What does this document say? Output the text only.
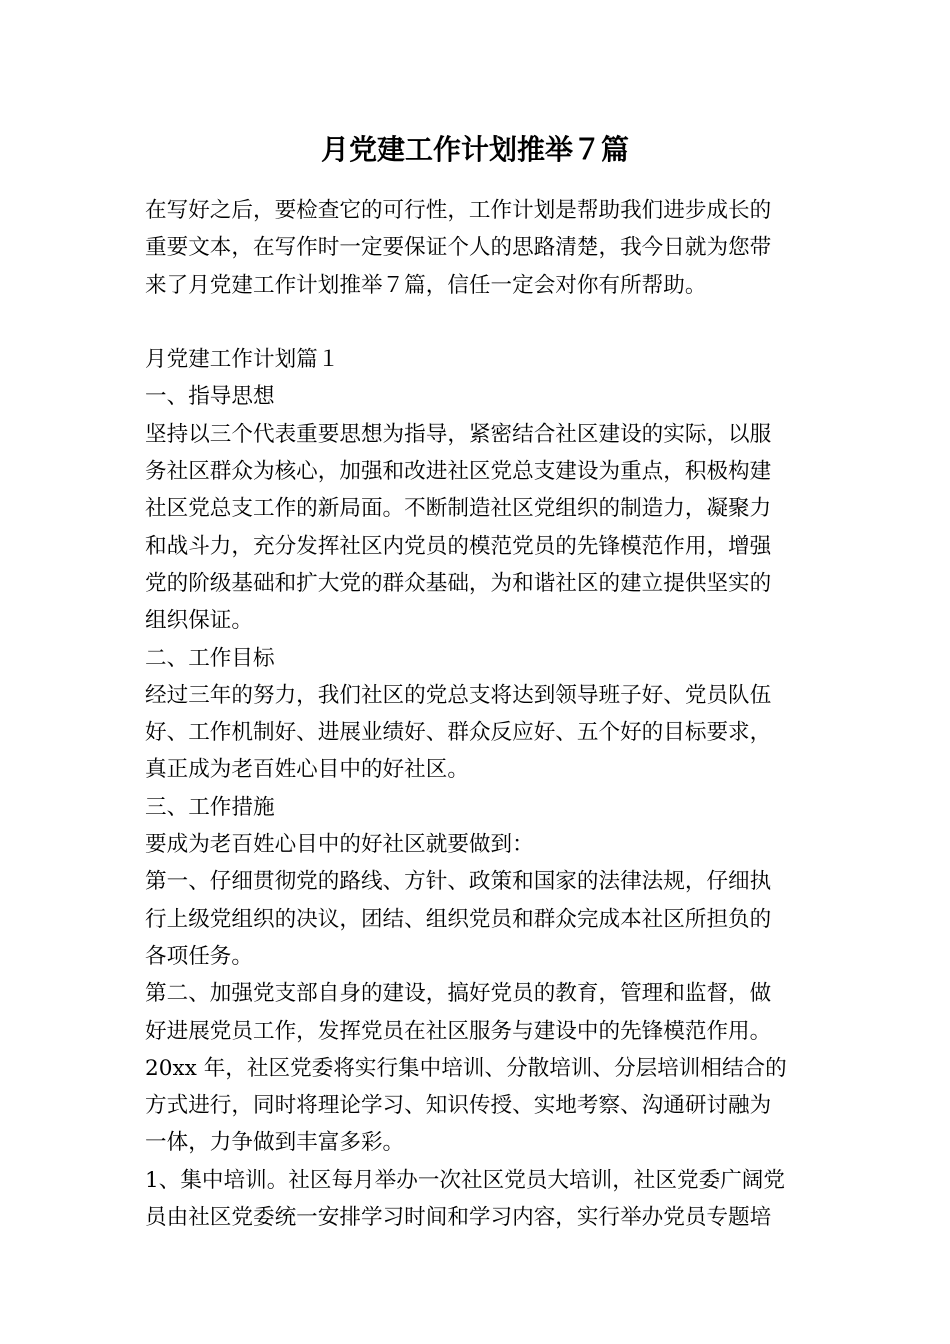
月党建工作计划推举７篇
在写好之后，要检查它的可行性，工作计划是帮助我们进步成长的
重要文本，在写作时一定要保证个人的思路清楚，我今日就为您带
来了月党建工作计划推举７篇，信任一定会对你有所帮助。
月党建工作计划篇１
一、指导思想
坚持以三个代表重要思想为指导，紧密结合社区建设的实际，以服
务社区群众为核心，加强和改进社区党总支建设为重点，积极构建
社区党总支工作的新局面。不断制造社区党组织的制造力，凝聚力
和战斗力，充分发挥社区内党员的模范党员的先锋模范作用，增强
党的阶级基础和扩大党的群众基础，为和谐社区的建立提供坚实的
组织保证。
二、工作目标
经过三年的努力，我们社区的党总支将达到领导班子好、党员队伍
好、工作机制好、进展业绩好、群众反应好、五个好的目标要求，
真正成为老百姓心目中的好社区。
三、工作措施
要成为老百姓心目中的好社区就要做到：
第一、仔细贯彻党的路线、方针、政策和国家的法律法规，仔细执
行上级党组织的决议，团结、组织党员和群众完成本社区所担负的
各项任务。
第二、加强党支部自身的建设，搞好党员的教育，管理和监督，做
好进展党员工作，发挥党员在社区服务与建设中的先锋模范作用。
20xx 年，社区党委将实行集中培训、分散培训、分层培训相结合的
方式进行，同时将理论学习、知识传授、实地考察、沟通研讨融为
一体，力争做到丰富多彩。
1、集中培训。社区每月举办一次社区党员大培训，社区党委广阔党
员由社区党委统一安排学习时间和学习内容，实行举办党员专题培
